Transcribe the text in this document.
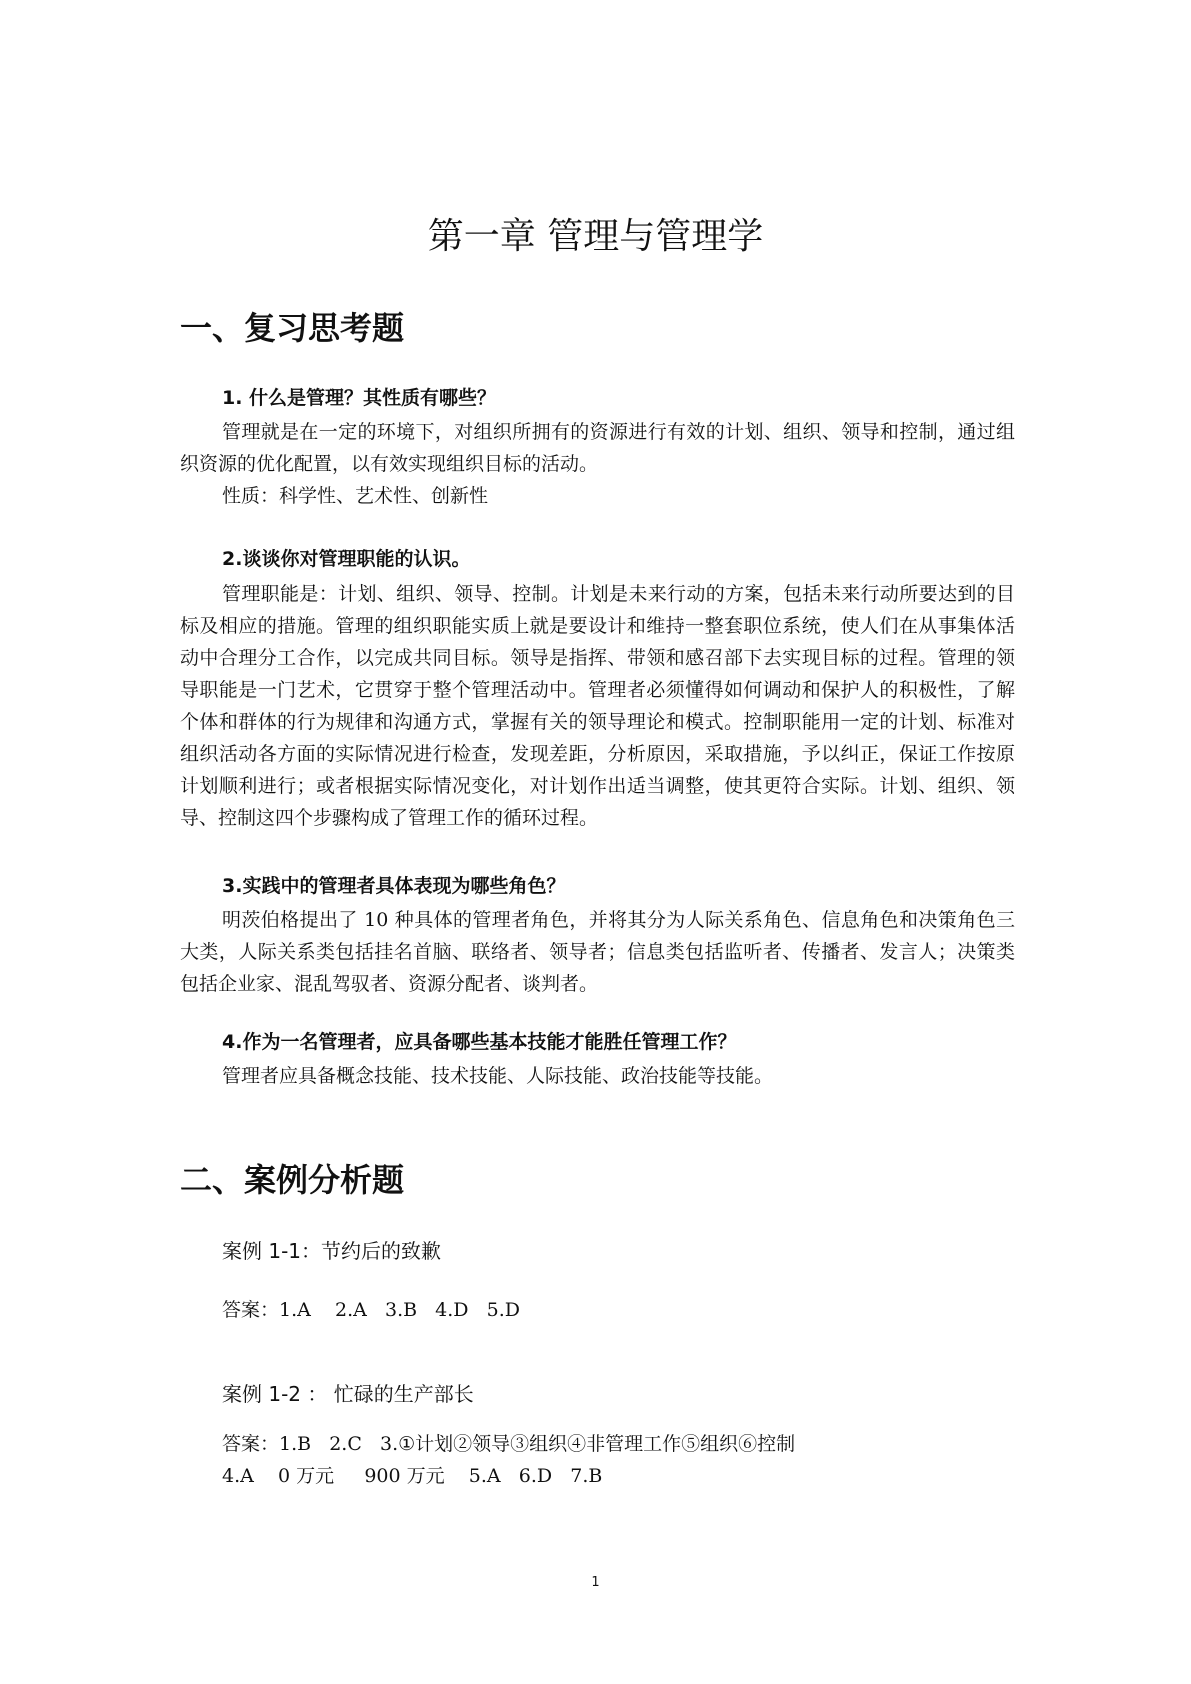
第一章 管理与管理学
一、复习思考题
1. 什么是管理？其性质有哪些？

管理就是在一定的环境下，对组织所拥有的资源进行有效的计划、组织、领导和控制，通过组织资源的优化配置，以有效实现组织目标的活动。

性质：科学性、艺术性、创新性
2.谈谈你对管理职能的认识。

管理职能是：计划、组织、领导、控制。计划是未来行动的方案，包括未来行动所要达到的目标及相应的措施。管理的组织职能实质上就是要设计和维持一整套职位系统，使人们在从事集体活动中合理分工合作，以完成共同目标。领导是指挥、带领和感召部下去实现目标的过程。管理的领导职能是一门艺术，它贯穿于整个管理活动中。管理者必须懂得如何调动和保护人的积极性，了解个体和群体的行为规律和沟通方式，掌握有关的领导理论和模式。控制职能用一定的计划、标准对组织活动各方面的实际情况进行检查，发现差距，分析原因，采取措施，予以纠正，保证工作按原计划顺利进行；或者根据实际情况变化，对计划作出适当调整，使其更符合实际。计划、组织、领导、控制这四个步骤构成了管理工作的循环过程。

3.实践中的管理者具体表现为哪些角色？

明茨伯格提出了 10 种具体的管理者角色，并将其分为人际关系角色、信息角色和决策角色三大类，人际关系类包括挂名首脑、联络者、领导者；信息类包括监听者、传播者、发言人；决策类包括企业家、混乱驾驭者、资源分配者、谈判者。

4.作为一名管理者，应具备哪些基本技能才能胜任管理工作？

管理者应具备概念技能、技术技能、人际技能、政治技能等技能。

二、案例分析题
案例 1-1：节约后的致歉
答案：1.A    2.A   3.B   4.D   5.D
案例 1-2 ： 忙碌的生产部长
答案：1.B   2.C   3.①计划②领导③组织④非管理工作⑤组织⑥控制
4.A    0 万元     900 万元    5.A   6.D   7.B
1
